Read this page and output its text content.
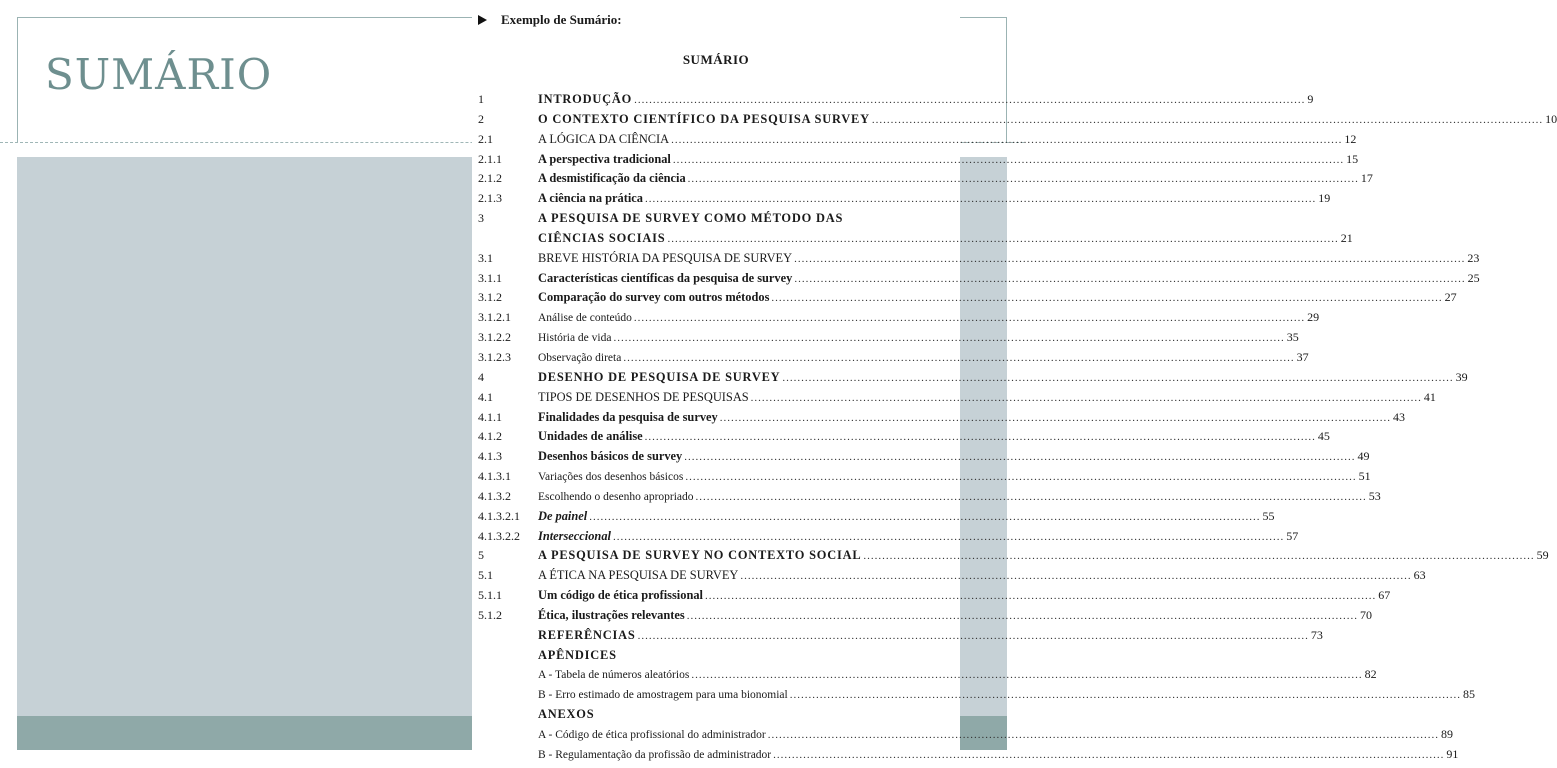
SUMÁRIO
Exemplo de Sumário:
SUMÁRIO
1	INTRODUÇÃO .....	9
2	O CONTEXTO CIENTÍFICO DA PESQUISA SURVEY .....	10
2.1	A LÓGICA DA CIÊNCIA .....	12
2.1.1	A perspectiva tradicional .....	15
2.1.2	A desmistificação da ciência .....	17
2.1.3	A ciência na prática .....	19
3	A PESQUISA DE SURVEY COMO MÉTODO DAS
CIÊNCIAS SOCIAIS .....	21
3.1	BREVE HISTÓRIA DA PESQUISA DE SURVEY .....	23
3.1.1	Características científicas da pesquisa de survey .....	25
3.1.2	Comparação do survey com outros métodos .....	27
3.1.2.1	Análise de conteúdo .....	29
3.1.2.2	História de vida .....	35
3.1.2.3	Observação direta .....	37
4	DESENHO DE PESQUISA DE SURVEY .....	39
4.1	TIPOS DE DESENHOS DE PESQUISAS .....	41
4.1.1	Finalidades da pesquisa de survey .....	43
4.1.2	Unidades de análise .....	45
4.1.3	Desenhos básicos de survey .....	49
4.1.3.1	Variações dos desenhos básicos .....	51
4.1.3.2	Escolhendo o desenho apropriado .....	53
4.1.3.2.1	De painel .....	55
4.1.3.2.2	Interseccional .....	57
5	A PESQUISA DE SURVEY NO CONTEXTO SOCIAL .....	59
5.1	A ÉTICA NA PESQUISA DE SURVEY .....	63
5.1.1	Um código de ética profissional .....	67
5.1.2	Ética, ilustrações relevantes .....	70
REFERÊNCIAS .....	73
APÊNDICES
A - Tabela de números aleatórios .....	82
B - Erro estimado de amostragem para uma bionomial .....	85
ANEXOS
A - Código de ética profissional do administrador .....	89
B - Regulamentação da profissão de administrador .....	91
